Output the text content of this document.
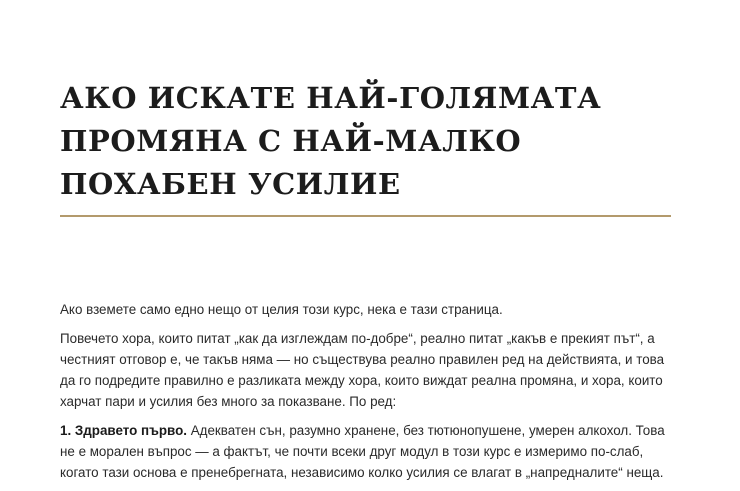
АКО ИСКАТЕ НАЙ-ГОЛЯМАТА
ПРОМЯНА С НАЙ-МАЛКО
ПОХАБЕН УСИЛИЕ

Ако вземете само едно нещо от целия този курс, нека е тази страница.

Повечето хора, които питат „как да изглеждам по-добре“, реално питат „какъв е прекият път“, а честният отговор е, че такъв няма — но съществува реално правилен ред на действията, и това да го подредите правилно е разликата между хора, които виждат реална промяна, и хора, които харчат пари и усилия без много за показване. По ред:

1. Здравето първо. Адекватен сън, разумно хранене, без тютюнопушене, умерен алкохол. Това не е морален въпрос — а фактът, че почти всеки друг модул в този курс е измеримо по-слаб, когато тази основа е пренебрегната, независимо колко усилия се влагат в „напредналите“ неща.
